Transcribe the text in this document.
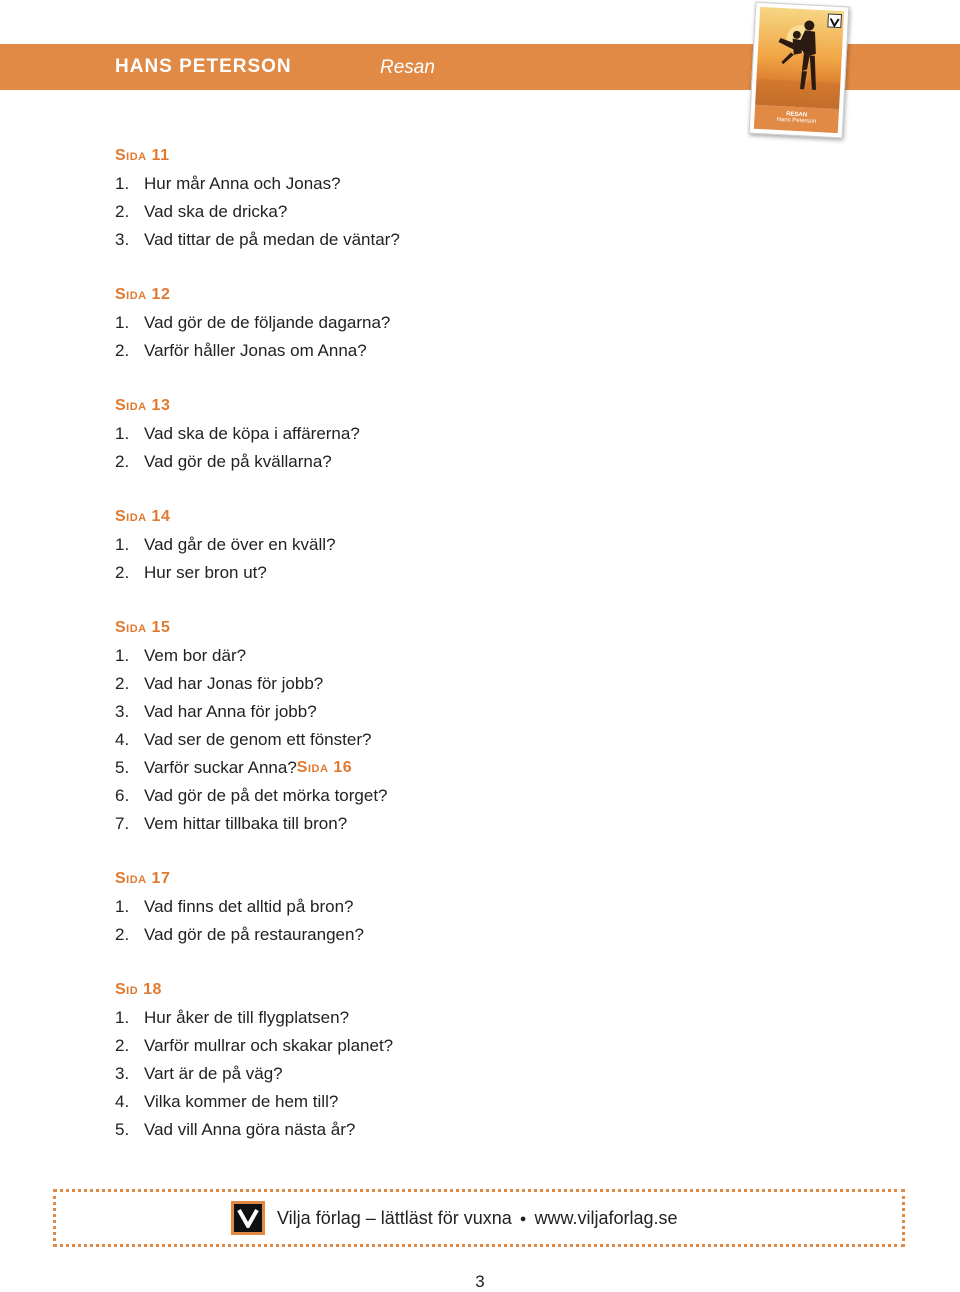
HANS PETERSON	Resan
RESAN
Hans Peterson
Sida 11
1. Hur mår Anna och Jonas?
2. Vad ska de dricka?
3. Vad tittar de på medan de väntar?
Sida 12
1. Vad gör de de följande dagarna?
2. Varför håller Jonas om Anna?
Sida 13
1. Vad ska de köpa i affärerna?
2. Vad gör de på kvällarna?
Sida 14
1. Vad går de över en kväll?
2. Hur ser bron ut?
Sida 15
1. Vem bor där?
2. Vad har Jonas för jobb?
3. Vad har Anna för jobb?
4. Vad ser de genom ett fönster?
5. Varför suckar Anna? Sida 16
6. Vad gör de på det mörka torget?
7. Vem hittar tillbaka till bron?
Sida 17
1. Vad finns det alltid på bron?
2. Vad gör de på restaurangen?
Sid 18
1. Hur åker de till flygplatsen?
2. Varför mullrar och skakar planet?
3. Vart är de på väg?
4. Vilka kommer de hem till?
5. Vad vill Anna göra nästa år?
Vilja förlag – lättläst för vuxna ● www.viljaforlag.se
3
